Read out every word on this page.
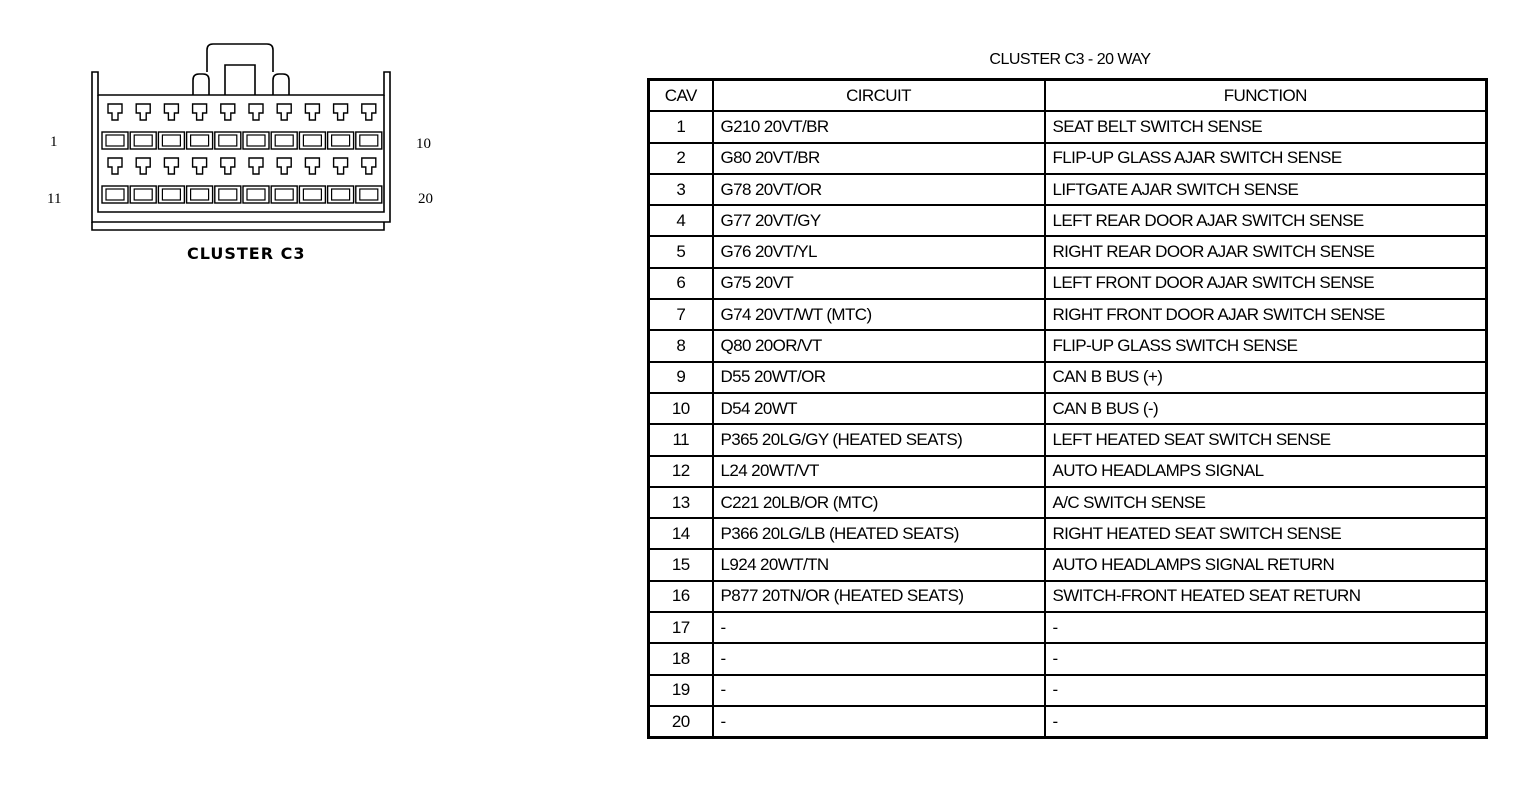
1	10
11	20
CLUSTER C3
CLUSTER C3 - 20 WAY
CAV	CIRCUIT	FUNCTION
1	G210 20VT/BR	SEAT BELT SWITCH SENSE
2	G80 20VT/BR	FLIP-UP GLASS AJAR SWITCH SENSE
3	G78 20VT/OR	LIFTGATE AJAR SWITCH SENSE
4	G77 20VT/GY	LEFT REAR DOOR AJAR SWITCH SENSE
5	G76 20VT/YL	RIGHT REAR DOOR AJAR SWITCH SENSE
6	G75 20VT	LEFT FRONT DOOR AJAR SWITCH SENSE
7	G74 20VT/WT (MTC)	RIGHT FRONT DOOR AJAR SWITCH SENSE
8	Q80 20OR/VT	FLIP-UP GLASS SWITCH SENSE
9	D55 20WT/OR	CAN B BUS (+)
10	D54 20WT	CAN B BUS (-)
11	P365 20LG/GY (HEATED SEATS)	LEFT HEATED SEAT SWITCH SENSE
12	L24 20WT/VT	AUTO HEADLAMPS SIGNAL
13	C221 20LB/OR (MTC)	A/C SWITCH SENSE
14	P366 20LG/LB (HEATED SEATS)	RIGHT HEATED SEAT SWITCH SENSE
15	L924 20WT/TN	AUTO HEADLAMPS SIGNAL RETURN
16	P877 20TN/OR (HEATED SEATS)	SWITCH-FRONT HEATED SEAT RETURN
17	-	-
18	-	-
19	-	-
20	-	-
